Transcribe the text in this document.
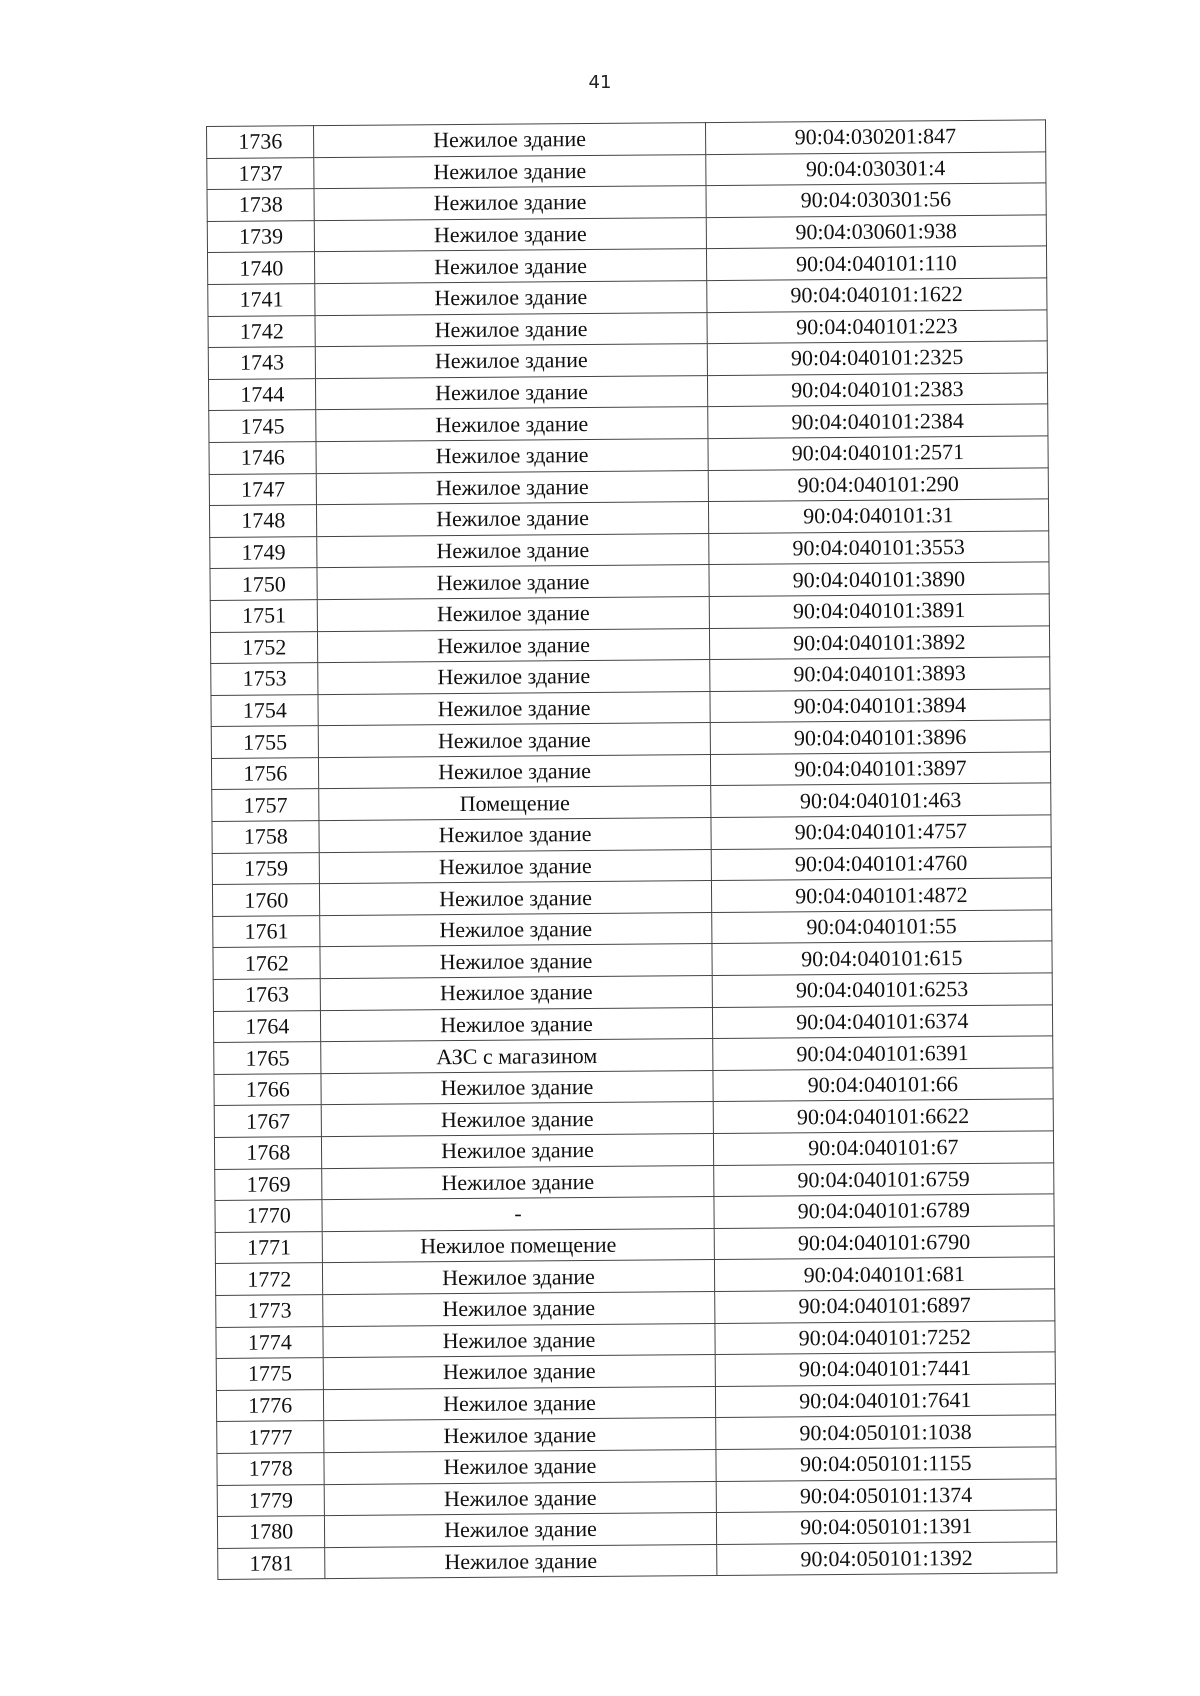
41
1736	Нежилое здание	90:04:030201:847
1737	Нежилое здание	90:04:030301:4
1738	Нежилое здание	90:04:030301:56
1739	Нежилое здание	90:04:030601:938
1740	Нежилое здание	90:04:040101:110
1741	Нежилое здание	90:04:040101:1622
1742	Нежилое здание	90:04:040101:223
1743	Нежилое здание	90:04:040101:2325
1744	Нежилое здание	90:04:040101:2383
1745	Нежилое здание	90:04:040101:2384
1746	Нежилое здание	90:04:040101:2571
1747	Нежилое здание	90:04:040101:290
1748	Нежилое здание	90:04:040101:31
1749	Нежилое здание	90:04:040101:3553
1750	Нежилое здание	90:04:040101:3890
1751	Нежилое здание	90:04:040101:3891
1752	Нежилое здание	90:04:040101:3892
1753	Нежилое здание	90:04:040101:3893
1754	Нежилое здание	90:04:040101:3894
1755	Нежилое здание	90:04:040101:3896
1756	Нежилое здание	90:04:040101:3897
1757	Помещение	90:04:040101:463
1758	Нежилое здание	90:04:040101:4757
1759	Нежилое здание	90:04:040101:4760
1760	Нежилое здание	90:04:040101:4872
1761	Нежилое здание	90:04:040101:55
1762	Нежилое здание	90:04:040101:615
1763	Нежилое здание	90:04:040101:6253
1764	Нежилое здание	90:04:040101:6374
1765	АЗС с магазином	90:04:040101:6391
1766	Нежилое здание	90:04:040101:66
1767	Нежилое здание	90:04:040101:6622
1768	Нежилое здание	90:04:040101:67
1769	Нежилое здание	90:04:040101:6759
1770	-	90:04:040101:6789
1771	Нежилое помещение	90:04:040101:6790
1772	Нежилое здание	90:04:040101:681
1773	Нежилое здание	90:04:040101:6897
1774	Нежилое здание	90:04:040101:7252
1775	Нежилое здание	90:04:040101:7441
1776	Нежилое здание	90:04:040101:7641
1777	Нежилое здание	90:04:050101:1038
1778	Нежилое здание	90:04:050101:1155
1779	Нежилое здание	90:04:050101:1374
1780	Нежилое здание	90:04:050101:1391
1781	Нежилое здание	90:04:050101:1392
